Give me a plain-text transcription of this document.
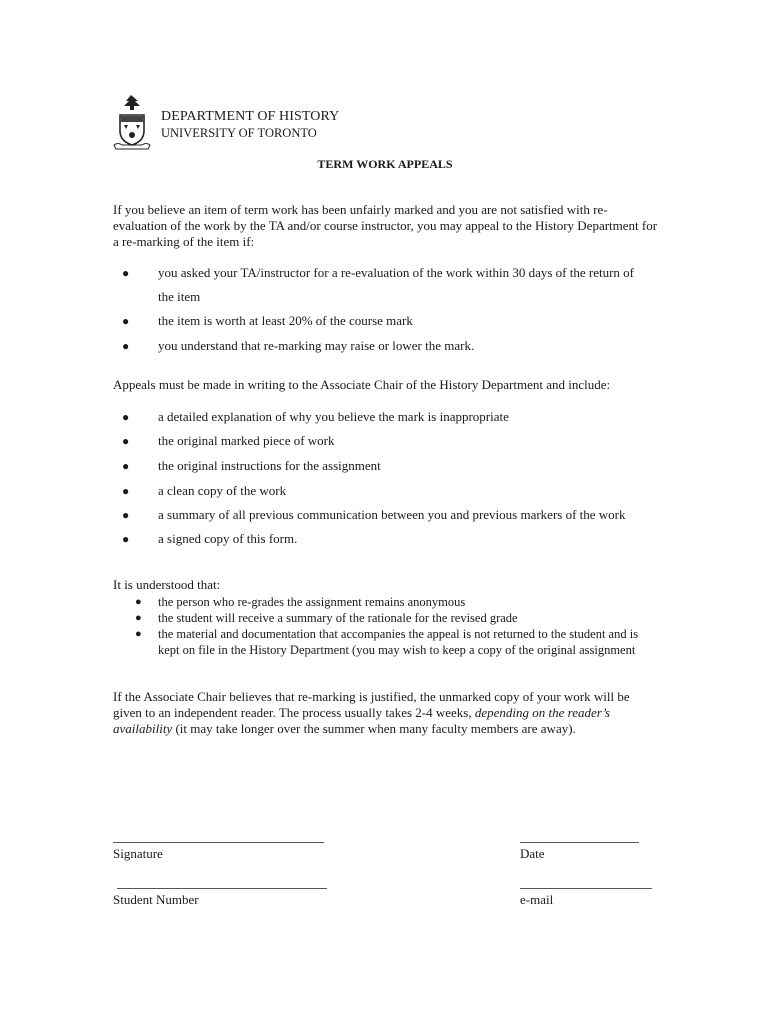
DEPARTMENT OF HISTORY
UNIVERSITY OF TORONTO
TERM WORK APPEALS

If you believe an item of term work has been unfairly marked and you are not satisfied with re-evaluation of the work by the TA and/or course instructor, you may appeal to the History Department for a re-marking of the item if:

● you asked your TA/instructor for a re-evaluation of the work within 30 days of the return of
the item
● the item is worth at least 20% of the course mark
● you understand that re-marking may raise or lower the mark.

Appeals must be made in writing to the Associate Chair of the History Department and include:

● a detailed explanation of why you believe the mark is inappropriate
● the original marked piece of work
● the original instructions for the assignment
● a clean copy of the work
● a summary of all previous communication between you and previous markers of the work
● a signed copy of this form.

It is understood that:

● the person who re-grades the assignment remains anonymous
● the student will receive a summary of the rationale for the revised grade
● the material and documentation that accompanies the appeal is not returned to the student and is kept on file in the History Department (you may wish to keep a copy of the original assignment

If the Associate Chair believes that re-marking is justified, the unmarked copy of your work will be given to an independent reader. The process usually takes 2-4 weeks, depending on the reader’s availability (it may take longer over the summer when many faculty members are away).

Signature	Date
Student Number	e-mail
